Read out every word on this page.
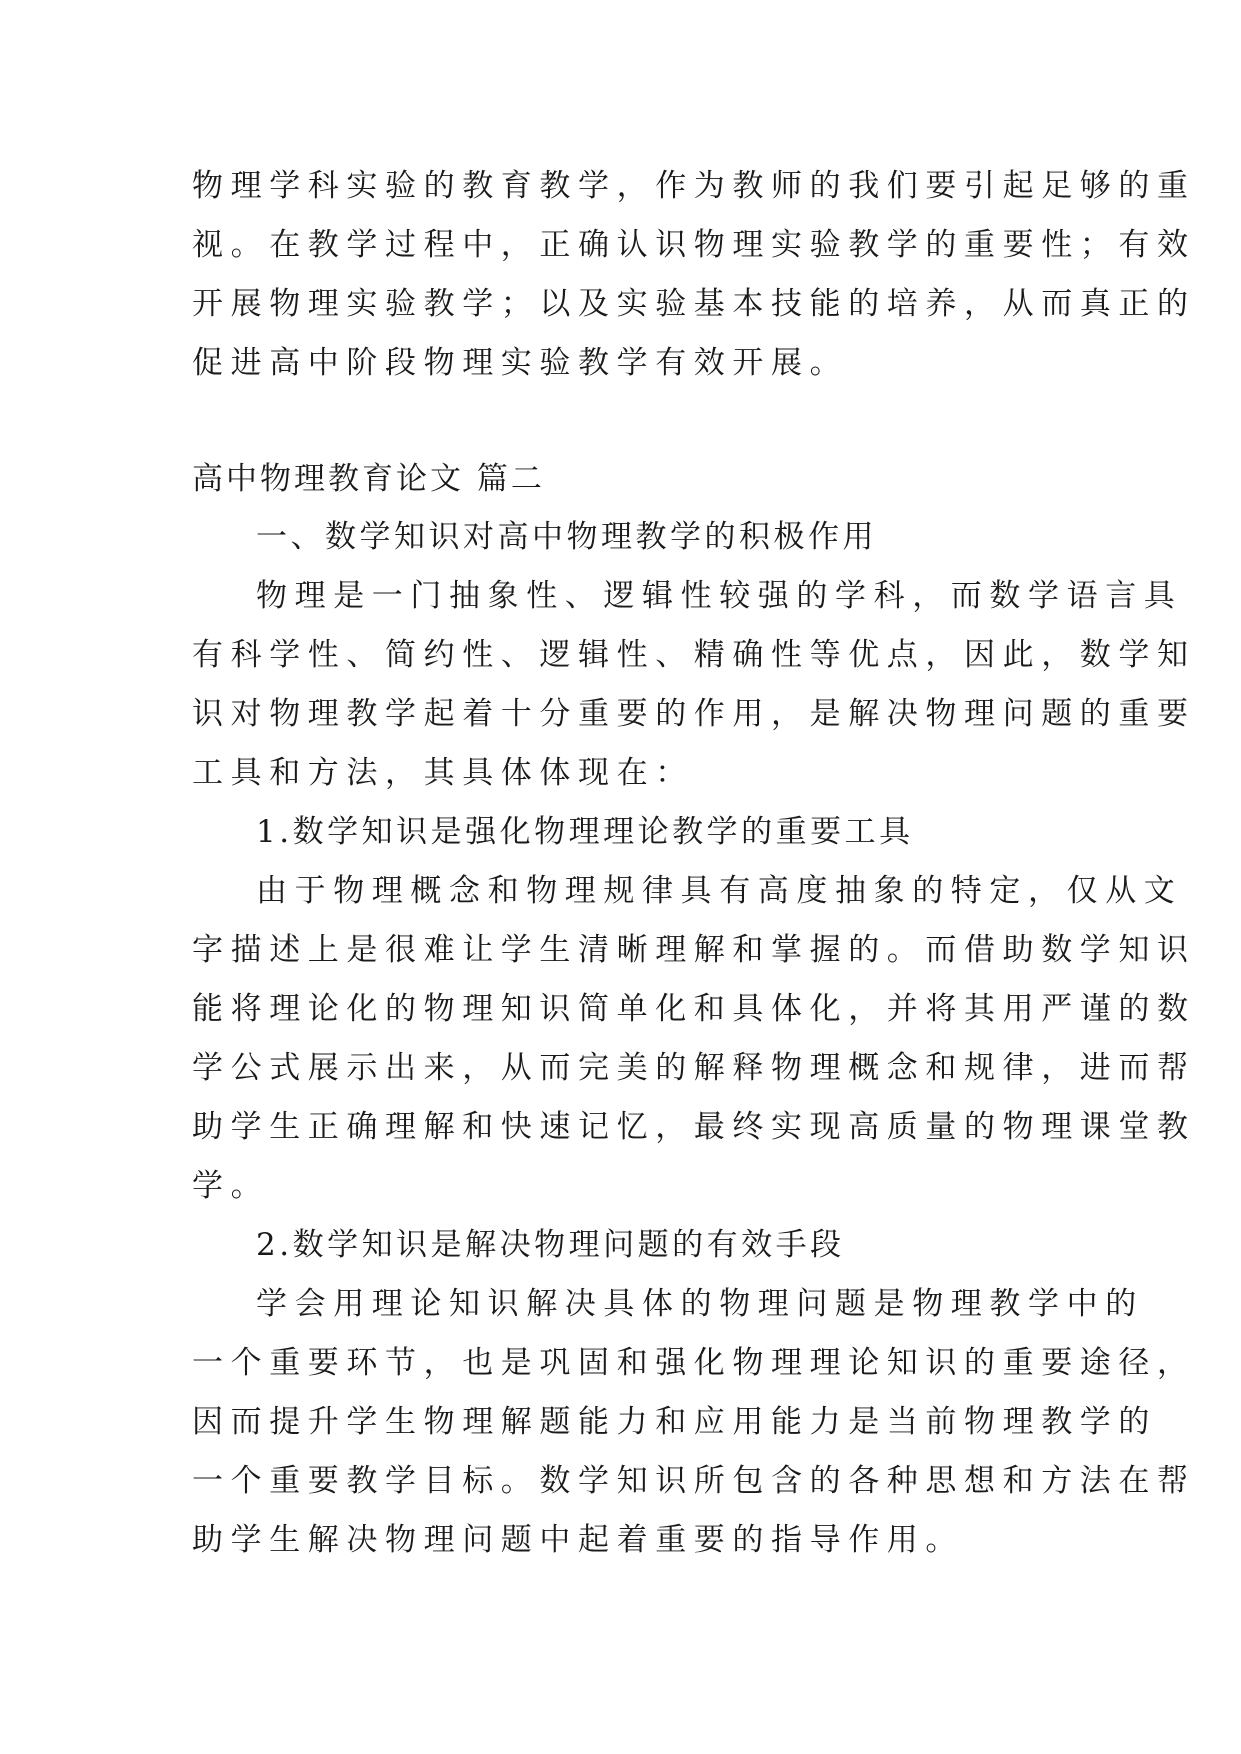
物理学科实验的教育教学，作为教师的我们要引起足够的重
视。在教学过程中，正确认识物理实验教学的重要性；有效
开展物理实验教学；以及实验基本技能的培养，从而真正的
促进高中阶段物理实验教学有效开展。
高中物理教育论文 篇二
一、数学知识对高中物理教学的积极作用
物理是一门抽象性、逻辑性较强的学科，而数学语言具
有科学性、简约性、逻辑性、精确性等优点，因此，数学知
识对物理教学起着十分重要的作用，是解决物理问题的重要
工具和方法，其具体体现在：
1.数学知识是强化物理理论教学的重要工具
由于物理概念和物理规律具有高度抽象的特定，仅从文
字描述上是很难让学生清晰理解和掌握的。而借助数学知识
能将理论化的物理知识简单化和具体化，并将其用严谨的数
学公式展示出来，从而完美的解释物理概念和规律，进而帮
助学生正确理解和快速记忆，最终实现高质量的物理课堂教
学。
2.数学知识是解决物理问题的有效手段
学会用理论知识解决具体的物理问题是物理教学中的
一个重要环节，也是巩固和强化物理理论知识的重要途径，
因而提升学生物理解题能力和应用能力是当前物理教学的
一个重要教学目标。数学知识所包含的各种思想和方法在帮
助学生解决物理问题中起着重要的指导作用。
